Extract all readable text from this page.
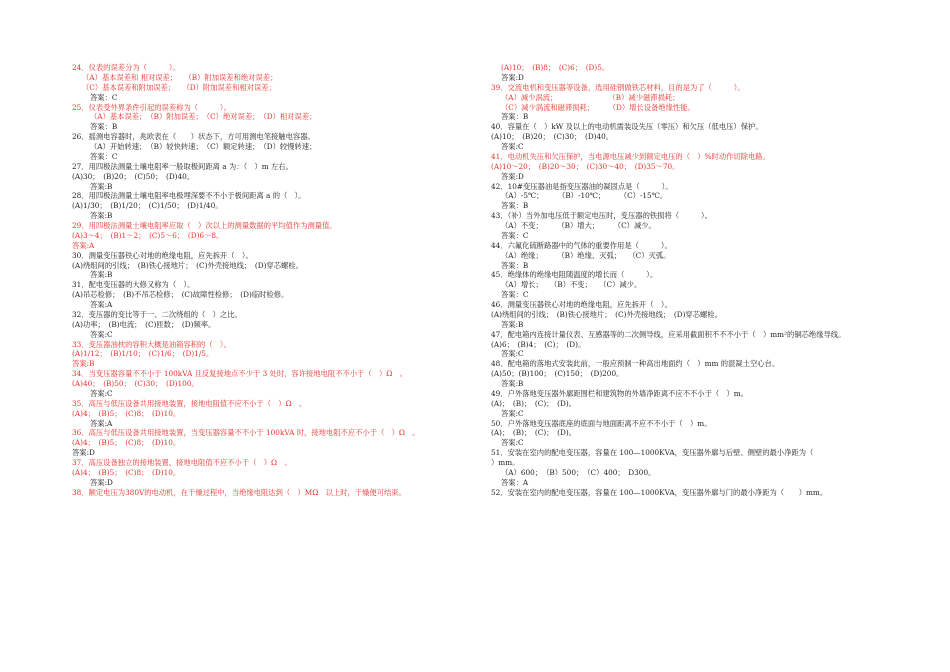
24．仪表的误差分为（　　　）。
（A）基本误差和 相对误差；　　（B）附加误差和绝对误差；
（C）基本误差和附加误差；　　（D）附加误差和相对误差；
答案：C
25．仪表受外界条件引起的误差称为（　　　）。
（A）基本误差；　（B）附加误差；　（C）绝对误差；　（D）相对误差；
答案：B
26．摇测电容器时，兆欧表在（　　）状态下，方可用测电笔接触电容器。
（A）开始转速；　（B）较快转速；　（C）额定转速；　（D）较慢转速；
答案：C
27．用四极法测量土壤电阻率一般取极间距离 a 为：（　）m 左右。
(A)30；　(B)20；　(C)50；　(D)40。
答案:B
28．用四极法测量土壤电阻率电极埋深要不不小于极间距离 a 的（　）。
(A)1/30；　(B)1/20；　(C)1/50；　(D)1/40。
答案:B
29．用四极法测量土壤电阻率应取（　）次以上的测量数据的平均值作为测量值。
(A)3～4；　(B)1～2；　(C)5～6；　(D)6～8。
答案:A
30．测量变压器铁心对地的绝缘电阻，应先拆开（　）。
(A)绕组间的引线；　(B)铁心接地片；　(C)外壳接地线；　(D)穿芯螺栓。
答案:B
31．配电变压器的大修又称为（　）。
(A)吊芯检修；　(B)不吊芯检修；　(C)故障性检修；　(D)临时检修。
答案:A
32．变压器的变比等于一、二次绕组的（　）之比。
(A)功率；　(B)电流；　(C)匝数；　(D)频率。
答案:C
33．变压器油枕的容积大概是油箱容积的（　）。
(A)1/12；　(B)1/10；　(C)1/6；　(D)1/5。
答案:B
34．当变压器容量不不小于 100kVA 且反复接地点不少于 3 处时，容许接地电阻不不小于（　）Ω　。
(A)40；　(B)50；　(C)30；　(D)100。
答案:C
35．高压与低压设备共用接地装置，接地电阻值不应不小于（　）Ω　。
(A)4；　(B)5；　(C)8；　(D)10。
答案:A
36．高压与低压设备共用接地装置，当变压器容量不不小于 100kVA 时，接地电阻不应不小于（　）Ω　。
(A)4；　(B)5；　(C)8；　(D)10。
答案:D
37．高压设备独立的接地装置，接地电阻值不应不小于（　）Ω　。
(A)4；　(B)5；　(C)8；　(D)10。
答案:D
38．额定电压为380V的电动机，在干燥过程中，当绝缘电阻达到（　）MΩ　以上时，干燥便可结束。
(A)10；　(B)8；　(C)6；　(D)5。
答案:D
39．交流电机和变压器等设备，选用硅钢做铁芯材料，目的是为了（　　　）。
（A）减少涡流；　　　　　　　　（B）减少磁滞损耗；
（C）减少涡流和磁滞损耗；　　　（D）增长设备绝缘性能。
答案：B
40．容量在（　）kW 及以上的电动机需装设失压（零压）和欠压（低电压）保护。
(A)10；　(B)20；　(C)30；　(D)40。
答案:C
41．电动机失压和欠压保护，当电源电压减少到额定电压的（　）%时动作切除电路。
(A)10～20；　(B)20～30；　(C)30～40；　(D)35～70。
答案:D
42．10#变压器油是指变压器油的凝固点是（　　　）。
（A）-5℃；　　　（B）-10℃；　　　（C）-15℃。
答案：B
43．（补）当外加电压低于额定电压时，变压器的铁损将（　　　）。
（A）不变；　　　（B）增大；　　　（C）减少。
答案：C
44．六氟化硫断路器中的气体的重要作用是（　　　）。
（A）绝缘；　　　（B）绝缘、灭弧；　　（C）灭弧。
答案：B
45．绝缘体的绝缘电阻随温度的增长而（　　　）。
（A）增长；　　（B）不变；　　（C）减少。
答案：C
46．测量变压器铁心对地的绝缘电阻，应先拆开（　）。
(A)绕组间的引线；　(B)铁心接地片；　(C)外壳接地线；　(D)穿芯螺栓。
答案:B
47．配电箱内连接计量仪表、互感器等的二次侧导线，应采用截面积不不不小于（　）mm²的铜芯绝缘导线。
(A)6；　(B)4；　(C)；　(D)。
答案:C
48．配电箱的落地式安装此前，一般应预制一种高出地面约（　）mm 的混凝土空心台。
(A)50；(B)100；　(C)150；　(D)200。
答案:B
49．户外落地变压器外廓距围栏和建筑物的外墙净距离不应不不小于（　）m。
(A)；　(B)；　(C)；　(D)。
答案:C
50．户外落地变压器底座的底面与地面距离不应不不小于（　）m。
(A)；　(B)；　(C)；　(D)。
答案:C
51．安装在室内的配电变压器，容量在 100—1000KVA，变压器外廓与后壁、侧壁的最小净距为（
）mm。
（A）600；　（B）500；　（C）400；　D300。
答案：A
52．安装在室内的配电变压器，容量在 100—1000KVA，变压器外廓与门的最小净距为（　　）mm。
